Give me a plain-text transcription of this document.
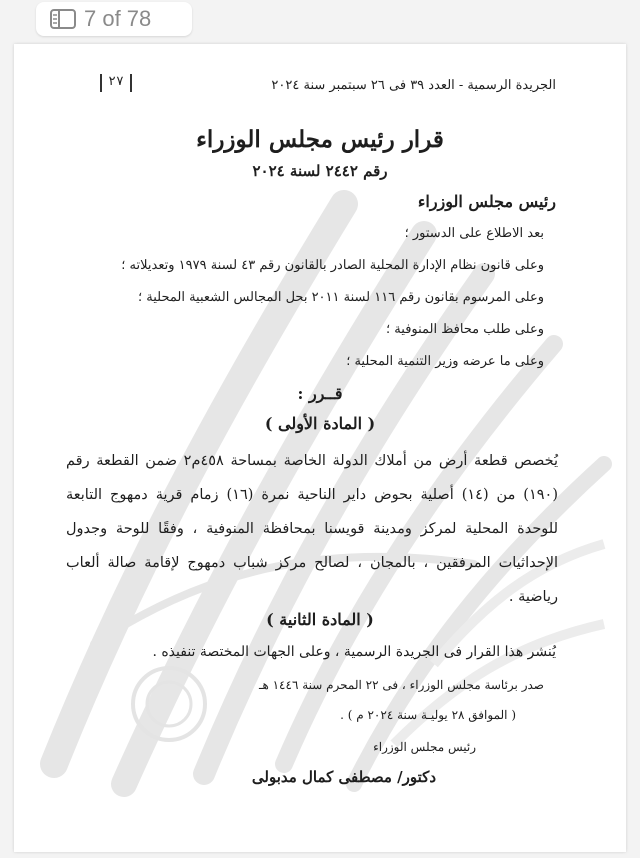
7 of 78
الجريدة الرسمية - العدد ٣٩ فى ٢٦ سبتمبر سنة ٢٠٢٤
٢٧
قرار رئيس مجلس الوزراء
رقم ٢٤٤٢ لسنة ٢٠٢٤
رئيس مجلس الوزراء
بعد الاطلاع على الدستور ؛
وعلى قانون نظام الإدارة المحلية الصادر بالقانون رقم ٤٣ لسنة ١٩٧٩ وتعديلاته ؛
وعلى المرسوم بقانون رقم ١١٦ لسنة ٢٠١١ بحل المجالس الشعبية المحلية ؛
وعلى طلب محافظ المنوفية ؛
وعلى ما عرضه وزير التنمية المحلية ؛
قــرر :
( المادة الأولى )
يُخصص قطعة أرض من أملاك الدولة الخاصة بمساحة ٤٥٨م٢ ضمن القطعة رقم (١٩٠) من (١٤) أصلية بحوض داير الناحية نمرة (١٦) زمام قرية دمهوج التابعة للوحدة المحلية لمركز ومدينة قويسنا بمحافظة المنوفية ، وفقًا للوحة وجدول الإحداثيات المرفقين ، بالمجان ، لصالح مركز شباب دمهوج لإقامة صالة ألعاب رياضية .
( المادة الثانية )
يُنشر هذا القرار فى الجريدة الرسمية ، وعلى الجهات المختصة تنفيذه .
صدر برئاسة مجلس الوزراء ، فى ٢٢ المحرم سنة ١٤٤٦ هـ
( الموافق ٢٨ يوليـة سنة ٢٠٢٤ م ) .
رئيس مجلس الوزراء
دكتور/ مصطفى كمال مدبولى
